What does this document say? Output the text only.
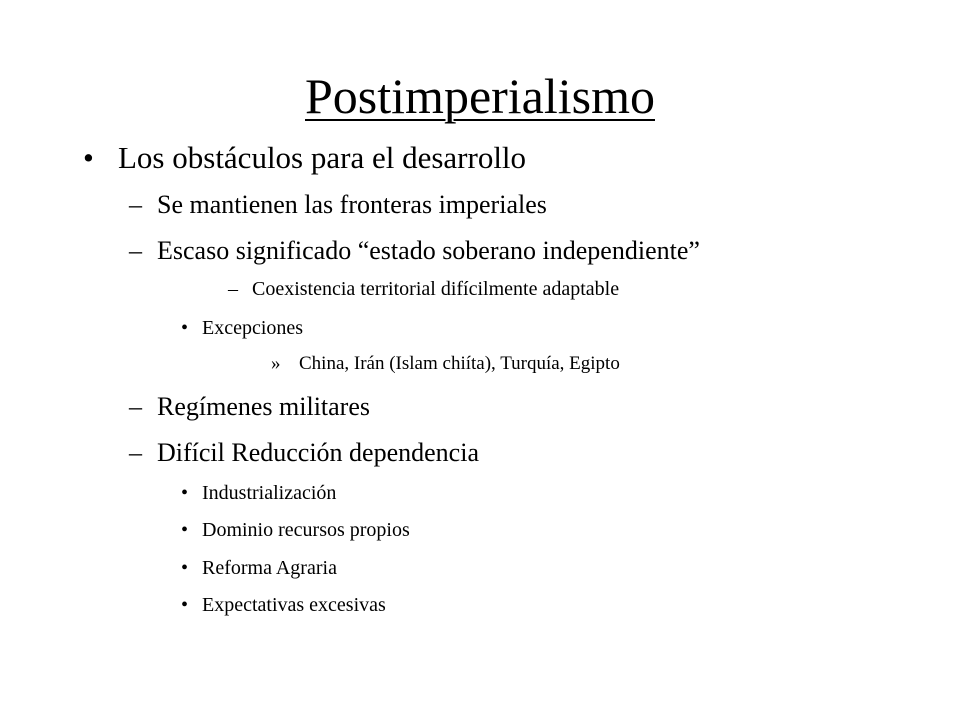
Postimperialismo
• Los obstáculos para el desarrollo
– Se mantienen las fronteras imperiales
– Escaso significado “estado soberano independiente”
– Coexistencia territorial difícilmente adaptable
• Excepciones
» China, Irán (Islam chiíta), Turquía, Egipto
– Regímenes militares
– Difícil Reducción dependencia
• Industrialización
• Dominio recursos propios
• Reforma Agraria
• Expectativas excesivas
